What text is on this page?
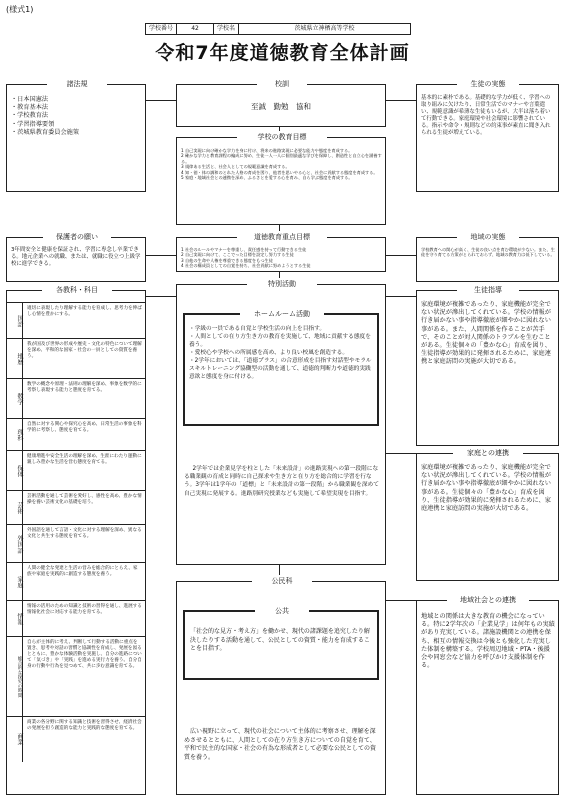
(様式1)
学校番号	42	学校名	茨城県立神栖高等学校
令和7年度道徳教育全体計画
諸法規
・日本国憲法
・教育基本法
・学校教育法
・学習指導要領
・茨城県教育委員会施策
校訓
至誠　勤勉　協和
生徒の実態
基本的に素朴である。基礎的な学力が低く、学習への取り組みに欠けたり、日常生活でのマナーや言葉遣い、規範意識が希薄な生徒もいるが、大半は落ち着いて行動できる。家庭環境や社会環境に影響されている。指示や命令・規則などの約束事が素直に聞き入れられる生徒が増えている。
学校の教育目標
1 自己実現に向け確かな学力を身に付け、将来の進路実現に必要な能力や態度を育成する。
2 確かな学力と教育課程の編成に努め、生徒一人一人に個別最適な学びを保障し、創造性と自立心を涵養する。
3 規律ある生活と、社会人としての規範意識を育成する。
4 知・徳・体の調和のとれた人格の育成を図り、他者を思いやる心と、社会に貢献する態度を育成する。
5 家庭・地域社会との連携を深め、ふるさとを愛する心を育み、自ら学ぶ態度を育成する。
保護者の願い
3年間安全と健康を保証され、学習に専念し卒業できる。地元企業への就職、または、就職に役立つ上級学校に進学できる。
道徳教育重点目標
1 社会のルールやマナーを尊重し、責任感を持って行動できる生徒
2 自己実現に向けて、ここでった目標を設定し努力する生徒
3 自他の生命や人権を尊重できる態度をもつ生徒
4 社会の構成員としての自覚を持ち、社会貢献に努めようとする生徒
地域の実態
学校教育への関心が高く、生徒の良い点を育む環境が少ない。また、生徒を守り育てる方策がとられておらず、地域の教育力は低下している。
各教科・科目
国語
適切に表現したり理解する能力を育成し、思考力を伸ばし心情を豊かにする。
地歴
我が国及び世界の形成や歴史・文化の特色について理解を深め、平和的な国家・社会の一員としての資質を養う。
数学
数学の概念や原理・法則の理解を深め、事象を数学的に考察し表現する能力と態度を育てる。
理科
自然に対する関心や探究心を高め、日常生活の事象を科学的に考察し、態度を育てる。
保体
健康増進や安全生活の理解を深め、生涯にわたり運動に親しみ豊かな生活を営む態度を育てる。
芸術
芸術活動を通して芸術を愛好し、感性を高め、豊かな情操を養い芸術文化の基礎を培う。
外国語
外国語を通して言語・文化に対する理解を深め、異なる文化と共生する態度を育てる。
家庭
人間の健全な発達と生活の営みを総合的にとらえ、家族や家庭を実践的に創造する態度を養う。
情報
情報の活用のための知識と技術の習得を通し、進展する情報化社会に対応する能力を育てる。
総合的な探究の時間
自らが主体的に考え、判断して行動する活動に重点を置き、思考や対話の習慣と協調性を育成し、発展を図るとともに、豊かな体験活動を実施し、自分の進路について「気づき」や「実践」を進める実行力を養う。自分自身の行動や行為を見つめて、共に歩む意識を育てる。
商業
商業の各分野に関する知識と技術を習得させ、経済社会の発展を担う創造的な能力と実践的な態度を育てる。
特別活動
ホームルーム活動
・学級の一員である自覚と学校生活の向上を目指す。
・人間としての在り方生き方の教育を実施して、地域に貢献する態度を養う。
・愛校心や学校への所属感を高め、より良い校風を創造する。
・2学年においては、「道徳プラス」の合意形成を目指す対話型やモラルスキルトレーニング協働型の活動を通して、道徳的判断力や道徳的実践意欲と態度を身に付ける。
2学年では企業見学を柱とした「未来設計」の進路実現への第一段階になる職業観の育成と同時に自己探求や生き方と在り方を総合的に学習を行なう。3学年は1学年の「道標」と「未来設計の第一段階」から職業観を深めて自己実現に発展する。進路別研究授業なども実施して希望実現を目指す。
生徒指導
家庭環境が複雑であったり、家庭機能が完全でない状況が滲出してくれている。学校の情報が行き届かない事や指導徹底が細やかに図れない事がある。また、人間関係を作ることが苦手で、そのことが対人関係のトラブルを生むことがある。生徒個々の「豊かな心」育成を図り、生徒指導が効果的に発揮されるために、家庭連携と家庭訪問の実施が大切である。
家庭との連携
家庭環境が複雑であったり、家庭機能が完全でない状況が滲出してくれている。学校の情報が行き届かない事や指導徹底が細やかに図れない事がある。生徒個々の「豊かな心」育成を図り、生徒指導が効果的に発揮されるために、家庭連携と家庭訪問の実施が大切である。
公民科
公共
「社会的な見方・考え方」を働かせ、現代の諸課題を追究したり解決したりする活動を通して、公民としての資質・能力を育成することを目指す。
広い視野に立って、現代の社会について主体的に考察させ、理解を深めさせるとともに、人間としての在り方生き方についての自覚を育て、平和で民主的な国家・社会の有為な形成者として必要な公民としての資質を養う。
地域社会との連携
地域との関係は大きな教育の機会になっている。特に2学年次の「企業見学」は何年もの実績があり充実している。諸施設機関との連携を保ち、相互の情報交換は今後とも強化した充実した体制を構築する。学校周辺地域・PTA・後援会や同窓会など協力を呼びかけ支援体制を作る。
